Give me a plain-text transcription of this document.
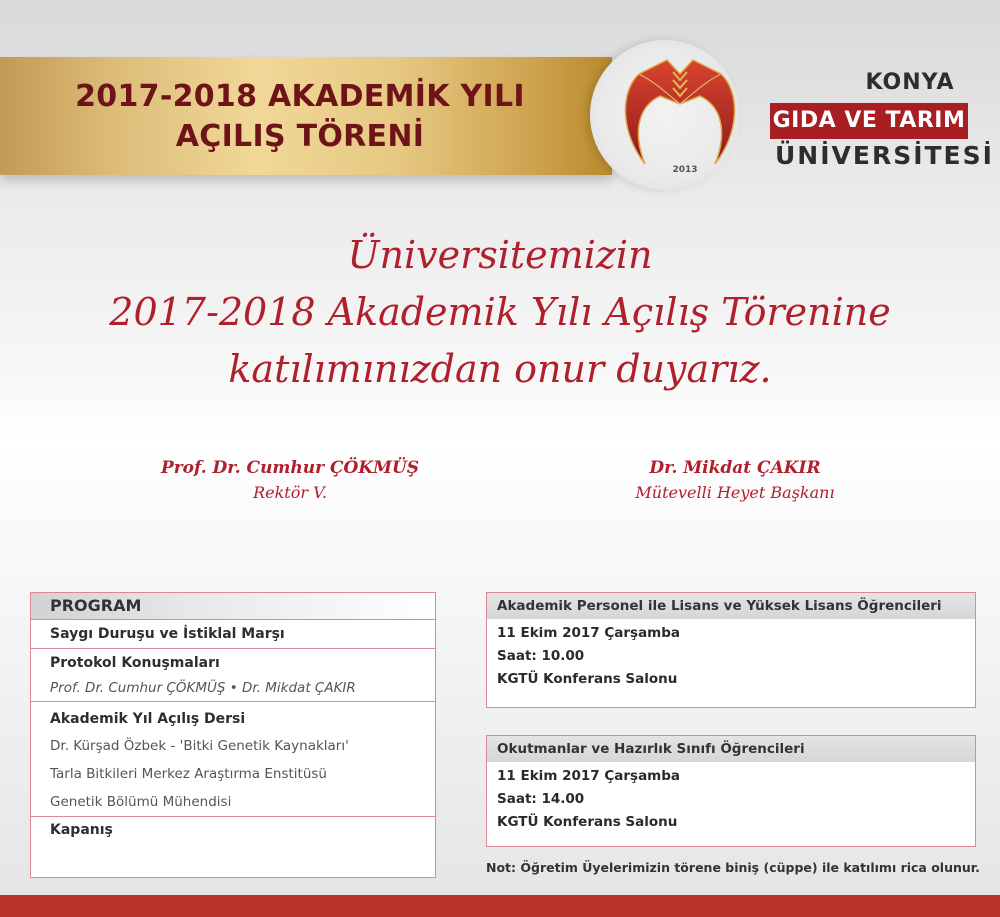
2017-2018 AKADEMİK YILI
AÇILIŞ TÖRENİ
2013
KONYA
GIDA VE TARIM
ÜNİVERSİTESİ
Üniversitemizin
2017-2018 Akademik Yılı Açılış Törenine
katılımınızdan onur duyarız.
Prof. Dr. Cumhur ÇÖKMÜŞ
Rektör V.
Dr. Mikdat ÇAKIR
Mütevelli Heyet Başkanı
PROGRAM
Saygı Duruşu ve İstiklal Marşı
Protokol Konuşmaları
Prof. Dr. Cumhur ÇÖKMÜŞ • Dr. Mikdat ÇAKIR
Akademik Yıl Açılış Dersi
Dr. Kürşad Özbek - 'Bitki Genetik Kaynakları'
Tarla Bitkileri Merkez Araştırma Enstitüsü
Genetik Bölümü Mühendisi
Kapanış
Akademik Personel ile Lisans ve Yüksek Lisans Öğrencileri
11 Ekim 2017 Çarşamba
Saat: 10.00
KGTÜ Konferans Salonu
Okutmanlar ve Hazırlık Sınıfı Öğrencileri
11 Ekim 2017 Çarşamba
Saat: 14.00
KGTÜ Konferans Salonu
Not: Öğretim Üyelerimizin törene biniş (cüppe) ile katılımı rica olunur.
